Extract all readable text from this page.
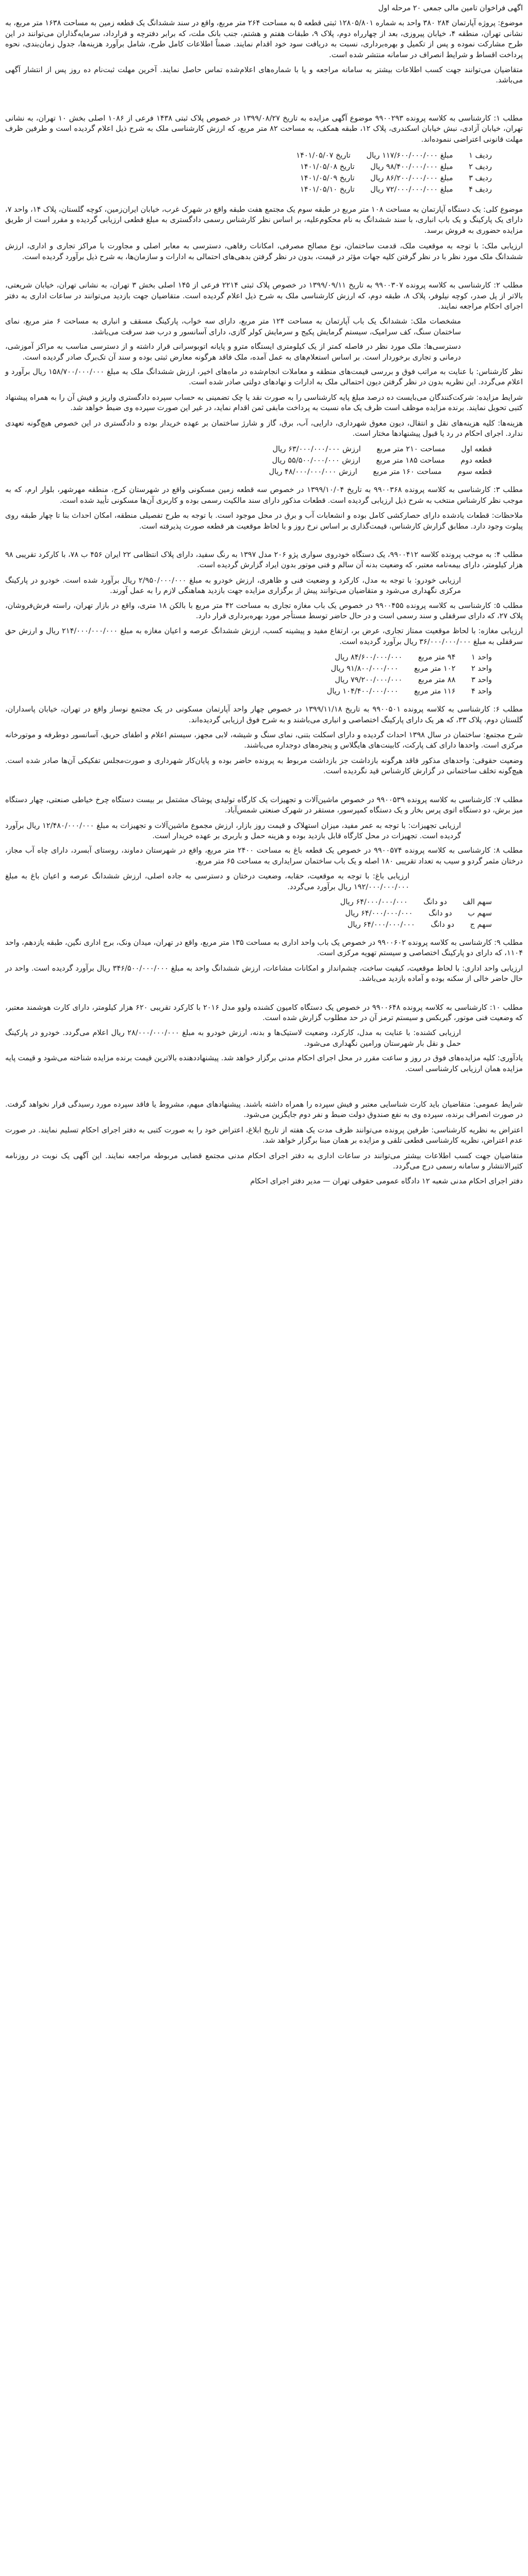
اگهی فراخوان تامین مالی جمعی ۲۰ مرحله اول

موضوع: پروژه آپارتمان ۲۸۴ ۳۸۰ واحد به شماره ۱۲۸۰۵/۸۰۱ ثبتی قطعه ۵ به مساحت ۲۶۴ متر مربع، واقع در سند ششدانگ یک قطعه زمین به مساحت ۱۶۳۸ متر مربع، به نشانی تهران، منطقه ۴، خیابان پیروزی، بعد از چهارراه دوم، پلاک ۹، طبقات هفتم و هشتم، جنب بانک ملت، که برابر دفترچه و قرارداد، سرمایه‌گذاران می‌توانند در این طرح مشارکت نموده و پس از تکمیل و بهره‌برداری، نسبت به دریافت سود خود اقدام نمایند. ضمناً اطلاعات کامل طرح، شامل برآورد هزینه‌ها، جدول زمان‌بندی، نحوه پرداخت اقساط و شرایط انصراف در سامانه منتشر شده است.

متقاضیان می‌توانند جهت کسب اطلاعات بیشتر به سامانه مراجعه و یا با شماره‌های اعلام‌شده تماس حاصل نمایند. آخرین مهلت ثبت‌نام ده روز پس از انتشار آگهی می‌باشد.

مطلب ۱: کارشناسی به کلاسه پرونده ۹۹۰۰۲۹۳ موضوع آگهی مزایده به تاریخ ۱۳۹۹/۰۸/۲۷ در خصوص پلاک ثبتی ۱۴۳۸ فرعی از ۱۰۸۶ اصلی بخش ۱۰ تهران، به نشانی تهران، خیابان آزادی، نبش خیابان اسکندری، پلاک ۱۲، طبقه همکف، به مساحت ۸۲ متر مربع، که ارزش کارشناسی ملک به شرح ذیل اعلام گردیده است و طرفین ظرف مهلت قانونی اعتراضی ننموده‌اند.

ردیف ۱ مبلغ ۱۱۷/۶۰۰/۰۰۰/۰۰۰ ریال تاریخ ۱۴۰۱/۰۵/۰۷
ردیف ۲ مبلغ ۹۸/۴۰۰/۰۰۰/۰۰۰ ریال تاریخ ۱۴۰۱/۰۵/۰۸
ردیف ۳ مبلغ ۸۶/۲۰۰/۰۰۰/۰۰۰ ریال تاریخ ۱۴۰۱/۰۵/۰۹
ردیف ۴ مبلغ ۷۲/۰۰۰/۰۰۰/۰۰۰ ریال تاریخ ۱۴۰۱/۰۵/۱۰

موضوع کلی: یک دستگاه آپارتمان به مساحت ۱۰۸ متر مربع در طبقه سوم یک مجتمع هفت طبقه واقع در شهرک غرب، خیابان ایران‌زمین، کوچه گلستان، پلاک ۱۴، واحد ۷، دارای یک پارکینگ و یک باب انباری، با سند ششدانگ به نام محکوم‌علیه، بر اساس نظر کارشناس رسمی دادگستری به مبلغ قطعی ارزیابی گردیده و مقرر است از طریق مزایده حضوری به فروش برسد.

ارزیابی ملک: با توجه به موقعیت ملک، قدمت ساختمان، نوع مصالح مصرفی، امکانات رفاهی، دسترسی به معابر اصلی و مجاورت با مراکز تجاری و اداری، ارزش ششدانگ ملک مورد نظر با در نظر گرفتن کلیه جهات مؤثر در قیمت، بدون در نظر گرفتن بدهی‌های احتمالی به ادارات و سازمان‌ها، به شرح ذیل برآورد گردیده است.

مطلب ۲: کارشناسی به کلاسه پرونده ۹۹۰۰۳۰۷ به تاریخ ۱۳۹۹/۰۹/۱۱ در خصوص پلاک ثبتی ۲۲۱۴ فرعی از ۱۴۵ اصلی بخش ۳ تهران، به نشانی تهران، خیابان شریعتی، بالاتر از پل صدر، کوچه نیلوفر، پلاک ۸، طبقه دوم، که ارزش کارشناسی ملک به شرح ذیل اعلام گردیده است. متقاضیان جهت بازدید می‌توانند در ساعات اداری به دفتر اجرای احکام مراجعه نمایند.

مشخصات ملک: ششدانگ یک باب آپارتمان به مساحت ۱۲۴ متر مربع، دارای سه خواب، پارکینگ مسقف و انباری به مساحت ۶ متر مربع، نمای ساختمان سنگ، کف سرامیک، سیستم گرمایش پکیج و سرمایش کولر گازی، دارای آسانسور و درب ضد سرقت می‌باشد.

دسترسی‌ها: ملک مورد نظر در فاصله کمتر از یک کیلومتری ایستگاه مترو و پایانه اتوبوسرانی قرار داشته و از دسترسی مناسب به مراکز آموزشی، درمانی و تجاری برخوردار است. بر اساس استعلام‌های به عمل آمده، ملک فاقد هرگونه معارض ثبتی بوده و سند آن تک‌برگ صادر گردیده است.

نظر کارشناس: با عنایت به مراتب فوق و بررسی قیمت‌های منطقه و معاملات انجام‌شده در ماه‌های اخیر، ارزش ششدانگ ملک به مبلغ ۱۵۸/۷۰۰/۰۰۰/۰۰۰ ریال برآورد و اعلام می‌گردد. این نظریه بدون در نظر گرفتن دیون احتمالی ملک به ادارات و نهادهای دولتی صادر شده است.

شرایط مزایده: شرکت‌کنندگان می‌بایست ده درصد مبلغ پایه کارشناسی را به صورت نقد یا چک تضمینی به حساب سپرده دادگستری واریز و فیش آن را به همراه پیشنهاد کتبی تحویل نمایند. برنده مزایده موظف است ظرف یک ماه نسبت به پرداخت مابقی ثمن اقدام نماید، در غیر این صورت سپرده وی ضبط خواهد شد.

هزینه‌ها: کلیه هزینه‌های نقل و انتقال، دیون معوق شهرداری، دارایی، آب، برق، گاز و شارژ ساختمان بر عهده خریدار بوده و دادگستری در این خصوص هیچ‌گونه تعهدی ندارد. اجرای احکام در رد یا قبول پیشنهادها مختار است.

قطعه اول مساحت ۲۱۰ متر مربع ارزش ۶۳/۰۰۰/۰۰۰/۰۰۰ ریال
قطعه دوم مساحت ۱۸۵ متر مربع ارزش ۵۵/۵۰۰/۰۰۰/۰۰۰ ریال
قطعه سوم مساحت ۱۶۰ متر مربع ارزش ۴۸/۰۰۰/۰۰۰/۰۰۰ ریال

مطلب ۳: کارشناسی به کلاسه پرونده ۹۹۰۰۳۶۸ به تاریخ ۱۳۹۹/۱۰/۰۴ در خصوص سه قطعه زمین مسکونی واقع در شهرستان کرج، منطقه مهرشهر، بلوار ارم، که به موجب نظر کارشناس منتخب به شرح ذیل ارزیابی گردیده است. قطعات مذکور دارای سند مالکیت رسمی بوده و کاربری آن‌ها مسکونی تأیید شده است.

ملاحظات: قطعات یادشده دارای حصارکشی کامل بوده و انشعابات آب و برق در محل موجود است. با توجه به طرح تفصیلی منطقه، امکان احداث بنا تا چهار طبقه روی پیلوت وجود دارد. مطابق گزارش کارشناس، قیمت‌گذاری بر اساس نرخ روز و با لحاظ موقعیت هر قطعه صورت پذیرفته است.

مطلب ۴: به موجب پرونده کلاسه ۹۹۰۰۴۱۲، یک دستگاه خودروی سواری پژو ۲۰۶ مدل ۱۳۹۷ به رنگ سفید، دارای پلاک انتظامی ۲۲ ایران ۴۵۶ ب ۷۸، با کارکرد تقریبی ۹۸ هزار کیلومتر، دارای بیمه‌نامه معتبر، که وضعیت بدنه آن سالم و فنی موتور بدون ایراد گزارش گردیده است.

ارزیابی خودرو: با توجه به مدل، کارکرد و وضعیت فنی و ظاهری، ارزش خودرو به مبلغ ۲/۹۵۰/۰۰۰/۰۰۰ ریال برآورد شده است. خودرو در پارکینگ مرکزی نگهداری می‌شود و متقاضیان می‌توانند پیش از برگزاری مزایده جهت بازدید هماهنگی لازم را به عمل آورند.

مطلب ۵: کارشناسی به کلاسه پرونده ۹۹۰۰۴۵۵ در خصوص یک باب مغازه تجاری به مساحت ۴۲ متر مربع با بالکن ۱۸ متری، واقع در بازار تهران، راسته فرش‌فروشان، پلاک ۲۷، که دارای سرقفلی و سند رسمی است و در حال حاضر توسط مستأجر مورد بهره‌برداری قرار دارد.

ارزیابی مغازه: با لحاظ موقعیت ممتاز تجاری، عرض بر، ارتفاع مفید و پیشینه کسب، ارزش ششدانگ عرصه و اعیان مغازه به مبلغ ۲۱۴/۰۰۰/۰۰۰/۰۰۰ ریال و ارزش حق سرقفلی به مبلغ ۳۶/۰۰۰/۰۰۰/۰۰۰ ریال برآورد گردیده است.

واحد ۱ ۹۴ متر مربع ۸۴/۶۰۰/۰۰۰/۰۰۰ ریال
واحد ۲ ۱۰۲ متر مربع ۹۱/۸۰۰/۰۰۰/۰۰۰ ریال
واحد ۳ ۸۸ متر مربع ۷۹/۲۰۰/۰۰۰/۰۰۰ ریال
واحد ۴ ۱۱۶ متر مربع ۱۰۴/۴۰۰/۰۰۰/۰۰۰ ریال

مطلب ۶: کارشناسی به کلاسه پرونده ۹۹۰۰۵۰۱ به تاریخ ۱۳۹۹/۱۱/۱۸ در خصوص چهار واحد آپارتمان مسکونی در یک مجتمع نوساز واقع در تهران، خیابان پاسداران، گلستان دوم، پلاک ۳۳، که هر یک دارای پارکینگ اختصاصی و انباری می‌باشند و به شرح فوق ارزیابی گردیده‌اند.

شرح مجتمع: ساختمان در سال ۱۳۹۸ احداث گردیده و دارای اسکلت بتنی، نمای سنگ و شیشه، لابی مجهز، سیستم اعلام و اطفای حریق، آسانسور دوطرفه و موتورخانه مرکزی است. واحدها دارای کف پارکت، کابینت‌های هایگلاس و پنجره‌های دوجداره می‌باشند.

وضعیت حقوقی: واحدهای مذکور فاقد هرگونه بازداشت جز بازداشت مربوط به پرونده حاضر بوده و پایان‌کار شهرداری و صورت‌مجلس تفکیکی آن‌ها صادر شده است. هیچ‌گونه تخلف ساختمانی در گزارش کارشناس قید نگردیده است.

مطلب ۷: کارشناسی به کلاسه پرونده ۹۹۰۰۵۳۹ در خصوص ماشین‌آلات و تجهیزات یک کارگاه تولیدی پوشاک مشتمل بر بیست دستگاه چرخ خیاطی صنعتی، چهار دستگاه میز برش، دو دستگاه اتوی پرس بخار و یک دستگاه کمپرسور، مستقر در شهرک صنعتی شمس‌آباد.

ارزیابی تجهیزات: با توجه به عمر مفید، میزان استهلاک و قیمت روز بازار، ارزش مجموع ماشین‌آلات و تجهیزات به مبلغ ۱۲/۴۸۰/۰۰۰/۰۰۰ ریال برآورد گردیده است. تجهیزات در محل کارگاه قابل بازدید بوده و هزینه حمل و باربری بر عهده خریدار است.

مطلب ۸: کارشناسی به کلاسه پرونده ۹۹۰۰۵۷۴ در خصوص یک قطعه باغ به مساحت ۲۴۰۰ متر مربع، واقع در شهرستان دماوند، روستای آبسرد، دارای چاه آب مجاز، درختان مثمر گردو و سیب به تعداد تقریبی ۱۸۰ اصله و یک باب ساختمان سرایداری به مساحت ۶۵ متر مربع.

ارزیابی باغ: با توجه به موقعیت، حقابه، وضعیت درختان و دسترسی به جاده اصلی، ارزش ششدانگ عرصه و اعیان باغ به مبلغ ۱۹۲/۰۰۰/۰۰۰/۰۰۰ ریال برآورد می‌گردد.

سهم الف دو دانگ ۶۴/۰۰۰/۰۰۰/۰۰۰ ریال
سهم ب دو دانگ ۶۴/۰۰۰/۰۰۰/۰۰۰ ریال
سهم ج دو دانگ ۶۴/۰۰۰/۰۰۰/۰۰۰ ریال

مطلب ۹: کارشناسی به کلاسه پرونده ۹۹۰۰۶۰۲ در خصوص یک باب واحد اداری به مساحت ۱۳۵ متر مربع، واقع در تهران، میدان ونک، برج اداری نگین، طبقه یازدهم، واحد ۱۱۰۴، که دارای دو پارکینگ اختصاصی و سیستم تهویه مرکزی است.

ارزیابی واحد اداری: با لحاظ موقعیت، کیفیت ساخت، چشم‌انداز و امکانات مشاعات، ارزش ششدانگ واحد به مبلغ ۳۴۶/۵۰۰/۰۰۰/۰۰۰ ریال برآورد گردیده است. واحد در حال حاضر خالی از سکنه بوده و آماده بازدید می‌باشد.

مطلب ۱۰: کارشناسی به کلاسه پرونده ۹۹۰۰۶۴۸ در خصوص یک دستگاه کامیون کشنده ولوو مدل ۲۰۱۶ با کارکرد تقریبی ۶۲۰ هزار کیلومتر، دارای کارت هوشمند معتبر، که وضعیت فنی موتور، گیربکس و سیستم ترمز آن در حد مطلوب گزارش شده است.

ارزیابی کشنده: با عنایت به مدل، کارکرد، وضعیت لاستیک‌ها و بدنه، ارزش خودرو به مبلغ ۲۸/۰۰۰/۰۰۰/۰۰۰ ریال اعلام می‌گردد. خودرو در پارکینگ حمل و نقل بار شهرستان ورامین نگهداری می‌شود.

یادآوری: کلیه مزایده‌های فوق در روز و ساعت مقرر در محل اجرای احکام مدنی برگزار خواهد شد. پیشنهاددهنده بالاترین قیمت برنده مزایده شناخته می‌شود و قیمت پایه مزایده همان ارزیابی کارشناسی است.

شرایط عمومی: متقاضیان باید کارت شناسایی معتبر و فیش سپرده را همراه داشته باشند. پیشنهادهای مبهم، مشروط یا فاقد سپرده مورد رسیدگی قرار نخواهد گرفت. در صورت انصراف برنده، سپرده وی به نفع صندوق دولت ضبط و نفر دوم جایگزین می‌شود.

اعتراض به نظریه کارشناسی: طرفین پرونده می‌توانند ظرف مدت یک هفته از تاریخ ابلاغ، اعتراض خود را به صورت کتبی به دفتر اجرای احکام تسلیم نمایند. در صورت عدم اعتراض، نظریه کارشناسی قطعی تلقی و مزایده بر همان مبنا برگزار خواهد شد.

متقاضیان جهت کسب اطلاعات بیشتر می‌توانند در ساعات اداری به دفتر اجرای احکام مدنی مجتمع قضایی مربوطه مراجعه نمایند. این آگهی یک نوبت در روزنامه کثیرالانتشار و سامانه رسمی درج می‌گردد.

دفتر اجرای احکام مدنی شعبه ۱۲ دادگاه عمومی حقوقی تهران — مدیر دفتر اجرای احکام
